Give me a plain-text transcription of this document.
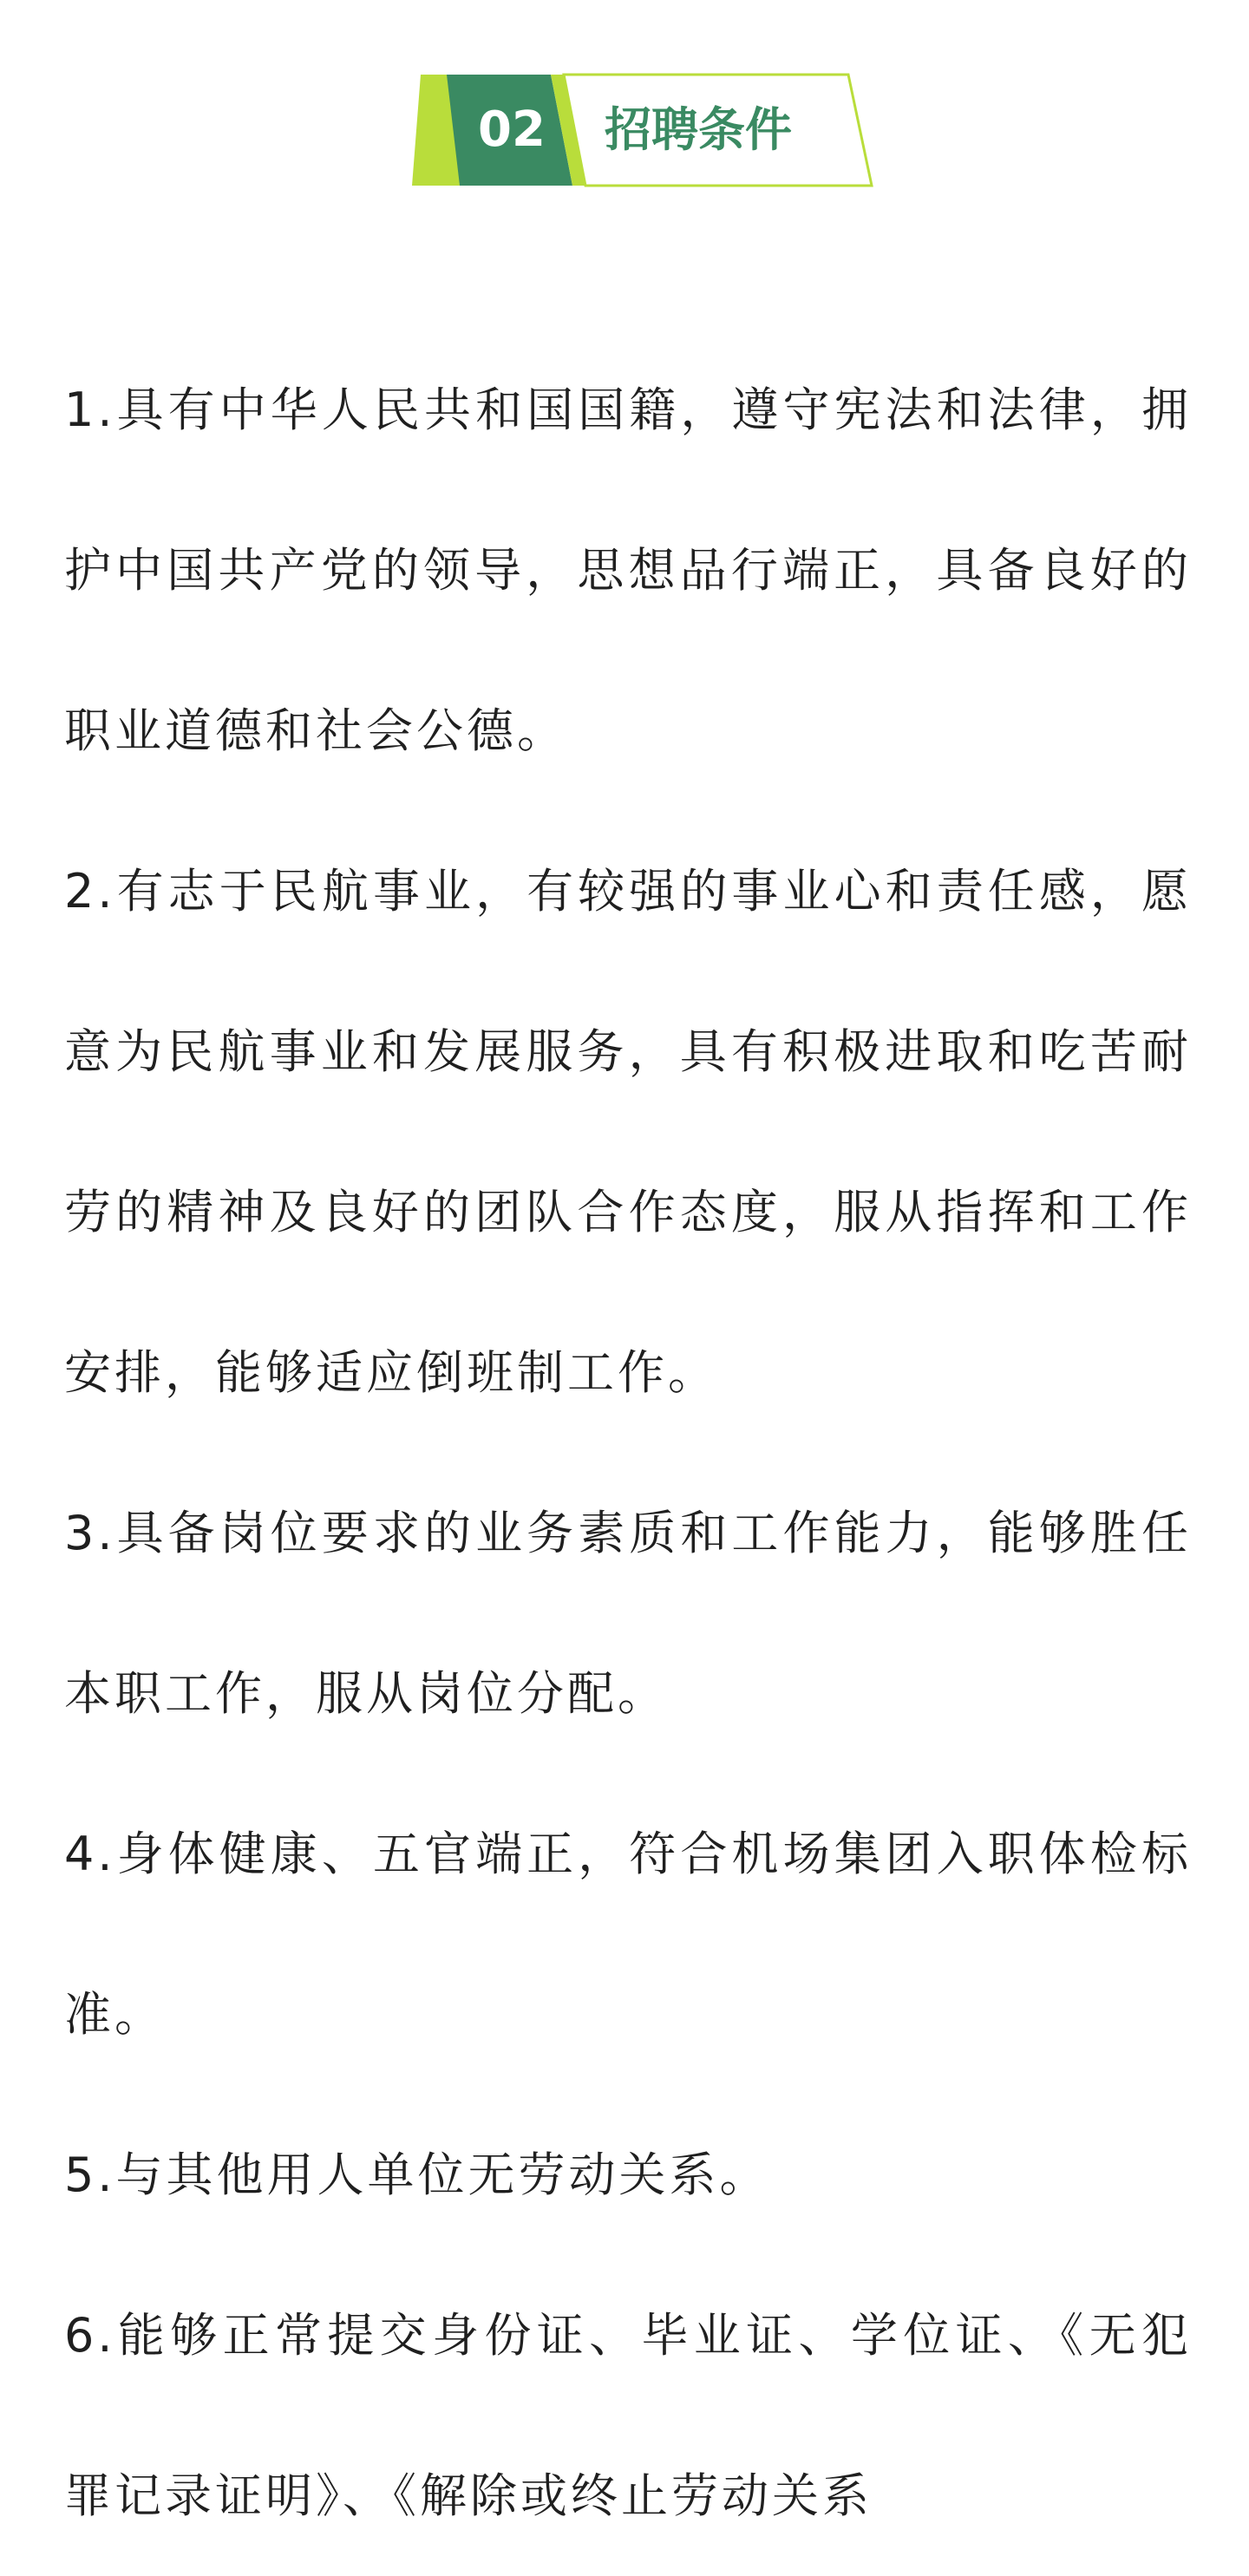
02	招聘条件

1.具有中华人民共和国国籍，遵守宪法和法律，拥护中国共产党的领导，思想品行端正，具备良好的职业道德和社会公德。

2.有志于民航事业，有较强的事业心和责任感，愿意为民航事业和发展服务，具有积极进取和吃苦耐劳的精神及良好的团队合作态度，服从指挥和工作安排，能够适应倒班制工作。

3.具备岗位要求的业务素质和工作能力，能够胜任本职工作，服从岗位分配。

4.身体健康、五官端正，符合机场集团入职体检标准。

5.与其他用人单位无劳动关系。

6.能够正常提交身份证、毕业证、学位证、《无犯罪记录证明》、《解除或终止劳动关系
